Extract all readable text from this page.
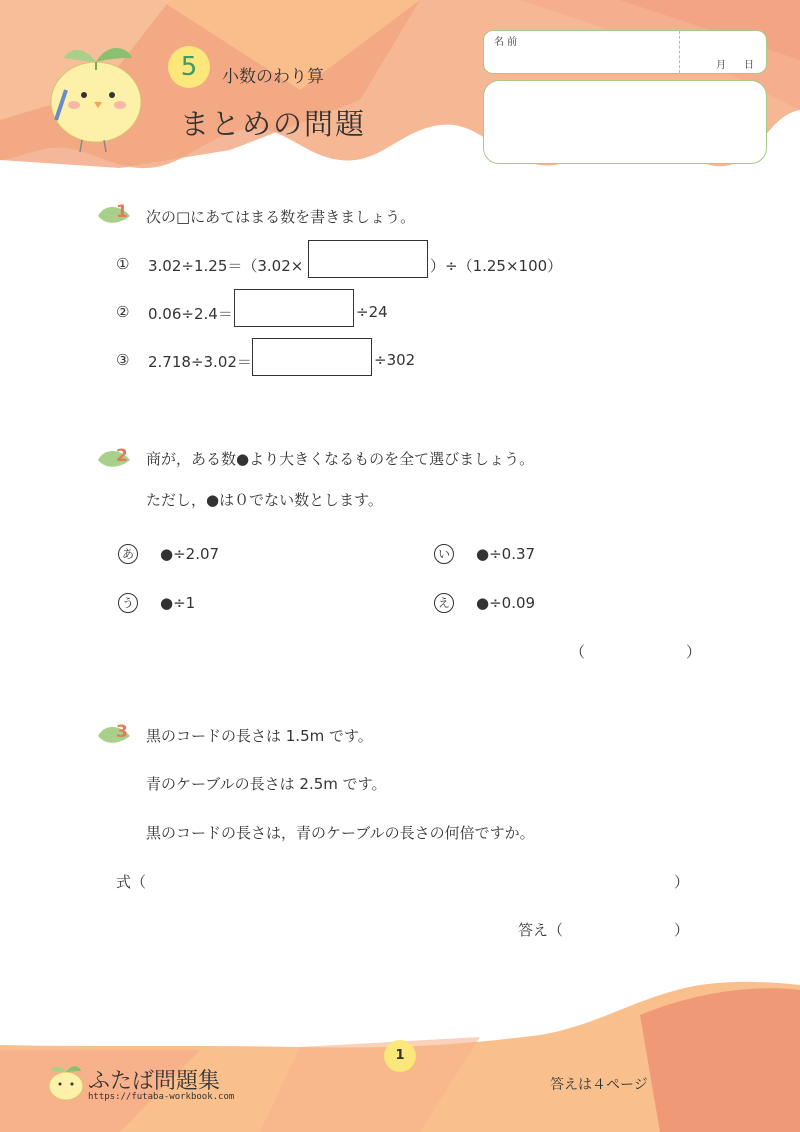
5	小数のわり算
まとめの問題
名 前
月 日
1 次の□にあてはまる数を書きましょう。
① 3.02÷1.25＝（3.02×	）÷（1.25×100）
② 0.06÷2.4＝	÷24
③ 2.718÷3.02＝	÷302
2 商が，ある数●より大きくなるものを全て選びましょう。
ただし，●は０でない数とします。
あ ●÷2.07	い ●÷0.37
う ●÷1	え ●÷0.09
（	）
3 黒のコードの長さは 1.5m です。
青のケーブルの長さは 2.5m です。
黒のコードの長さは，青のケーブルの長さの何倍ですか。
式（	）
答え（	）
1
ふたば問題集
https://futaba-workbook.com
答えは４ページ
